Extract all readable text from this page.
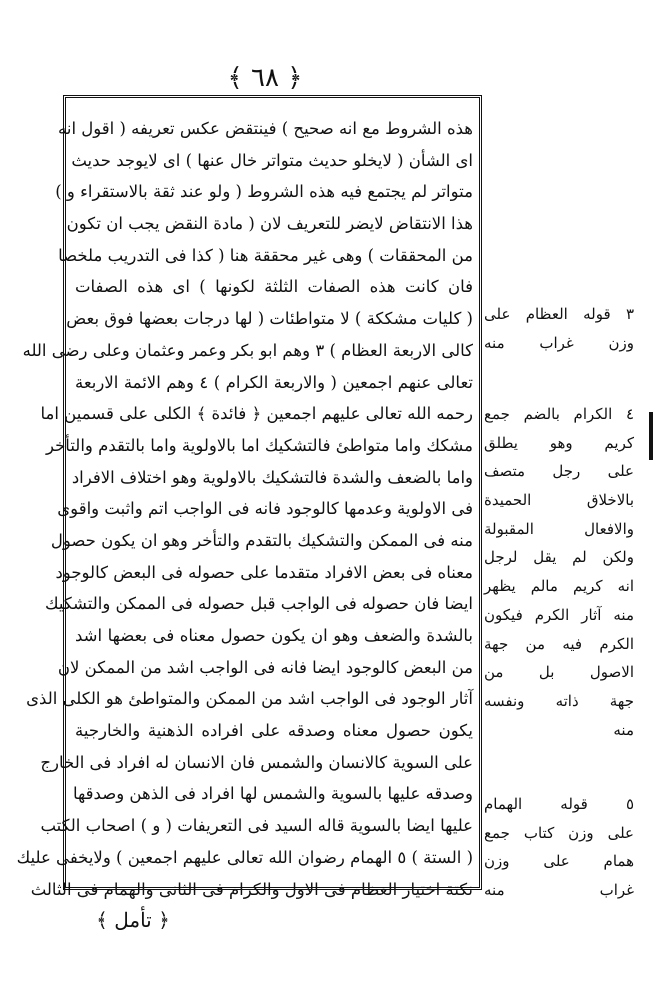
﴿ ٦٨ ﴾
هذه الشروط مع انه صحيح ) فينتقض عكس تعريفه ( اقول انه
اى الشأن ( لايخلو حديث متواتر خال عنها ) اى لايوجد حديث
متواتر لم يجتمع فيه هذه الشروط ( ولو عند ثقة بالاستقراء و )
هذا الانتقاض لايضر للتعريف لان ( مادة النقض يجب ان تكون
من المحققات ) وهى غير محققة هنا ( كذا فى التدريب ملخصا
فان كانت هذه الصفات الثلثة لكونها ) اى هذه الصفات
( كليات مشككة ) لا متواطئات ( لها درجات بعضها فوق بعض
كالى الاربعة العظام ) ٣ وهم ابو بكر وعمر وعثمان وعلى رضى الله
تعالى عنهم اجمعين ( والاربعة الكرام ) ٤ وهم الائمة الاربعة
رحمه الله تعالى عليهم اجمعين ﴿ فائدة ﴾ الكلى على قسمين اما
مشكك واما متواطئ فالتشكيك اما بالاولوية واما بالتقدم والتأخر
واما بالضعف والشدة فالتشكيك بالاولوية وهو اختلاف الافراد
فى الاولوية وعدمها كالوجود فانه فى الواجب اتم واثبت واقوى
منه فى الممكن والتشكيك بالتقدم والتأخر وهو ان يكون حصول
معناه فى بعض الافراد متقدما على حصوله فى البعض كالوجود
ايضا فان حصوله فى الواجب قبل حصوله فى الممكن والتشكيك
بالشدة والضعف وهو ان يكون حصول معناه فى بعضها اشد
من البعض كالوجود ايضا فانه فى الواجب اشد من الممكن لان
آثار الوجود فى الواجب اشد من الممكن والمتواطئ هو الكلى الذى
يكون حصول معناه وصدقه على افراده الذهنية والخارجية
على السوية كالانسان والشمس فان الانسان له افراد فى الخارج
وصدقه عليها بالسوية والشمس لها افراد فى الذهن وصدقها
عليها ايضا بالسوية قاله السيد فى التعريفات ( و ) اصحاب الكتب
( الستة ) ٥ الهمام رضوان الله تعالى عليهم اجمعين ) ولايخفى عليك
نكتة اختيار العظام فى الاول والكرام فى الثانى والهمام فى الثالث
٣ قوله العظام على
وزن غراب منه
٤ الكرام بالضم جمع
كريم وهو يطلق
على رجل متصف
بالاخلاق الحميدة
والافعال المقبولة
ولكن لم يقل لرجل
انه كريم مالم يظهر
منه آثار الكرم فيكون
الكرم فيه من جهة
الاصول بل من
جهة ذاته ونفسه
منه
٥ قوله الهمام
على وزن كتاب جمع
همام على وزن
غراب منه
﴿ تأمل ﴾
